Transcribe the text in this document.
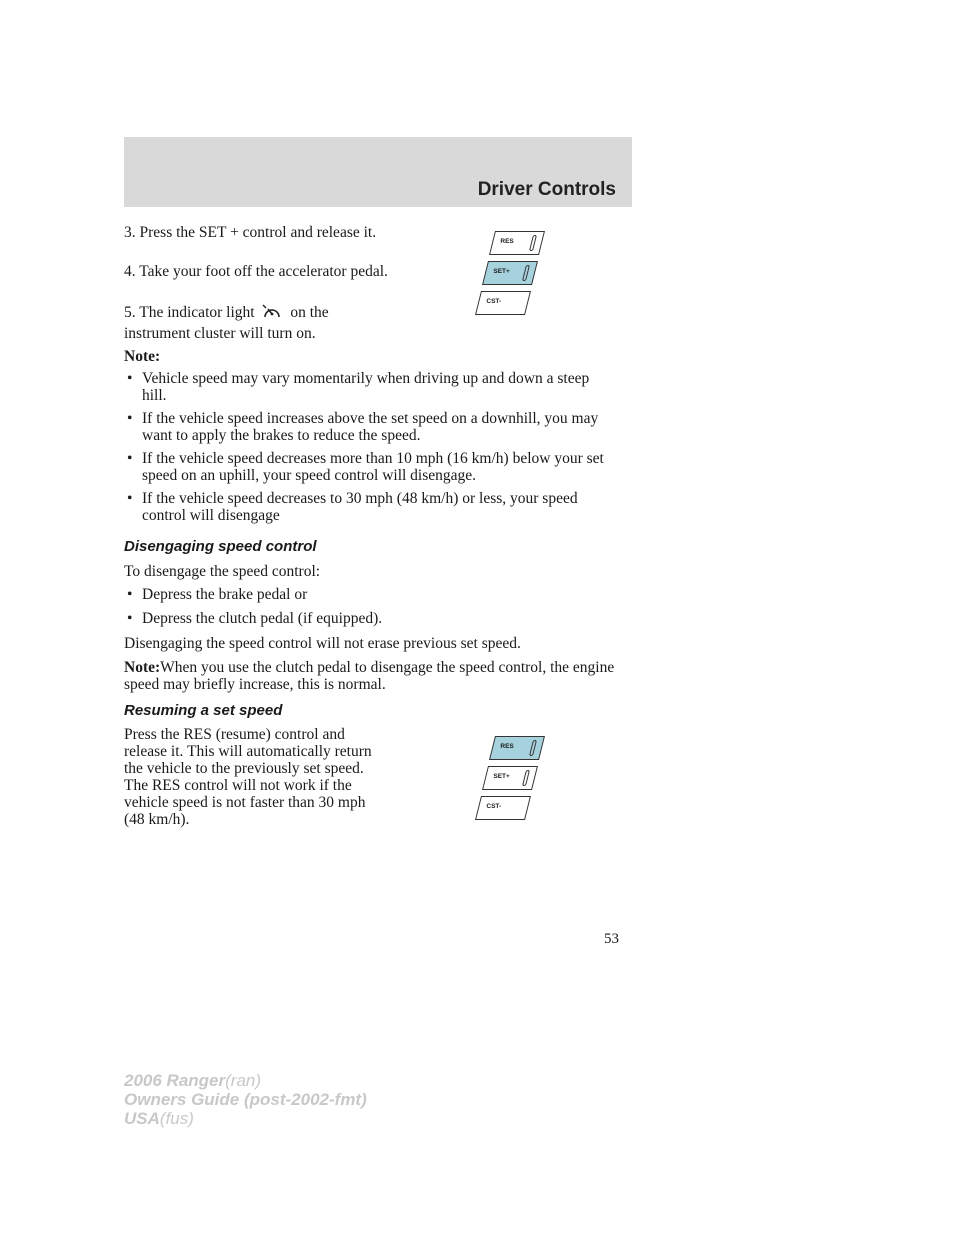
Driver Controls

3. Press the SET + control and release it.

4. Take your foot off the accelerator pedal.

5. The indicator light on the
instrument cluster will turn on.
RES
SET+
CST-
Note:
• Vehicle speed may vary momentarily when driving up and down a steep hill.
• If the vehicle speed increases above the set speed on a downhill, you may want to apply the brakes to reduce the speed.
• If the vehicle speed decreases more than 10 mph (16 km/h) below your set speed on an uphill, your speed control will disengage.
• If the vehicle speed decreases to 30 mph (48 km/h) or less, your speed control will disengage
Disengaging speed control

To disengage the speed control:

• Depress the brake pedal or
• Depress the clutch pedal (if equipped).

Disengaging the speed control will not erase previous set speed.

Note:When you use the clutch pedal to disengage the speed control, the engine speed may briefly increase, this is normal.

Resuming a set speed

Press the RES (resume) control and release it. This will automatically return the vehicle to the previously set speed. The RES control will not work if the vehicle speed is not faster than 30 mph (48 km/h).

RES
SET+
CST-
53
2006 Ranger(ran)
Owners Guide (post-2002-fmt)
USA(fus)
